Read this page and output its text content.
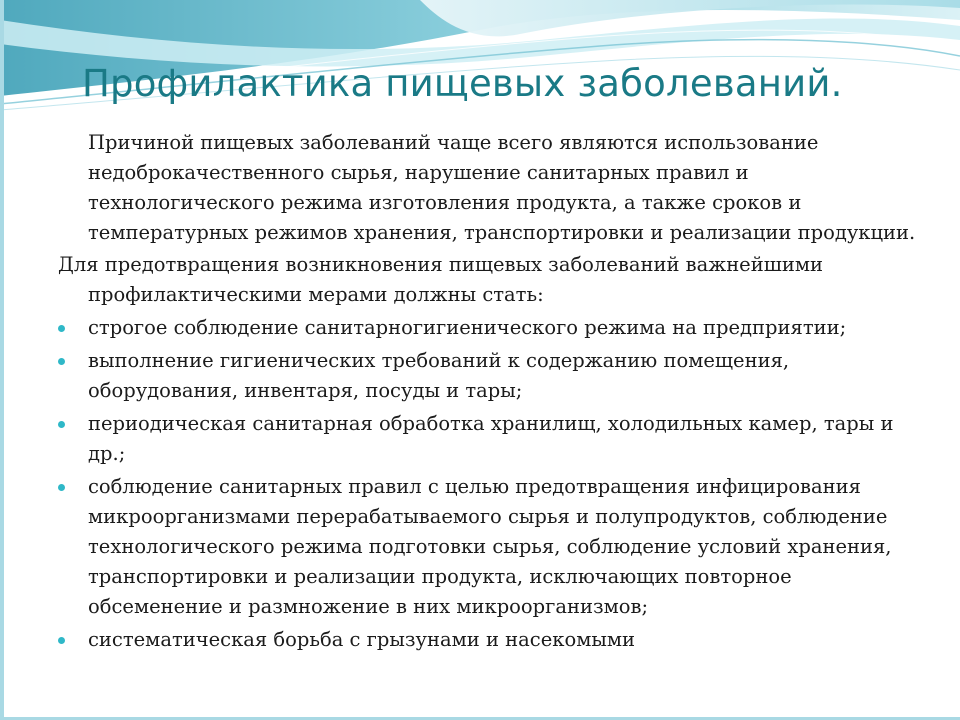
Профилактика пищевых заболеваний.

Причиной пищевых заболеваний чаще всего являются использование недоброкачественного сырья, нарушение санитарных правил и технологического режима изготовления продукта, а также сроков и температурных режимов хранения, транспортировки и реализации продукции.

Для предотвращения возникновения пищевых заболеваний важнейшими профилактическими мерами должны стать:

строгое соблюдение санитарногигиенического режима на предприятии;
выполнение гигиенических требований к содержанию помещения, оборудования, инвентаря, посуды и тары;
периодическая санитарная обработка хранилищ, холодильных камер, тары и др.;
соблюдение санитарных правил с целью предотвращения инфицирования микроорганизмами перерабатываемого сырья и полупродуктов, соблюдение технологического режима подготовки сырья, соблюдение условий хранения, транспортировки и реализации продукта, исключающих повторное обсеменение и размножение в них микроорганизмов;
систематическая борьба с грызунами и насекомыми
